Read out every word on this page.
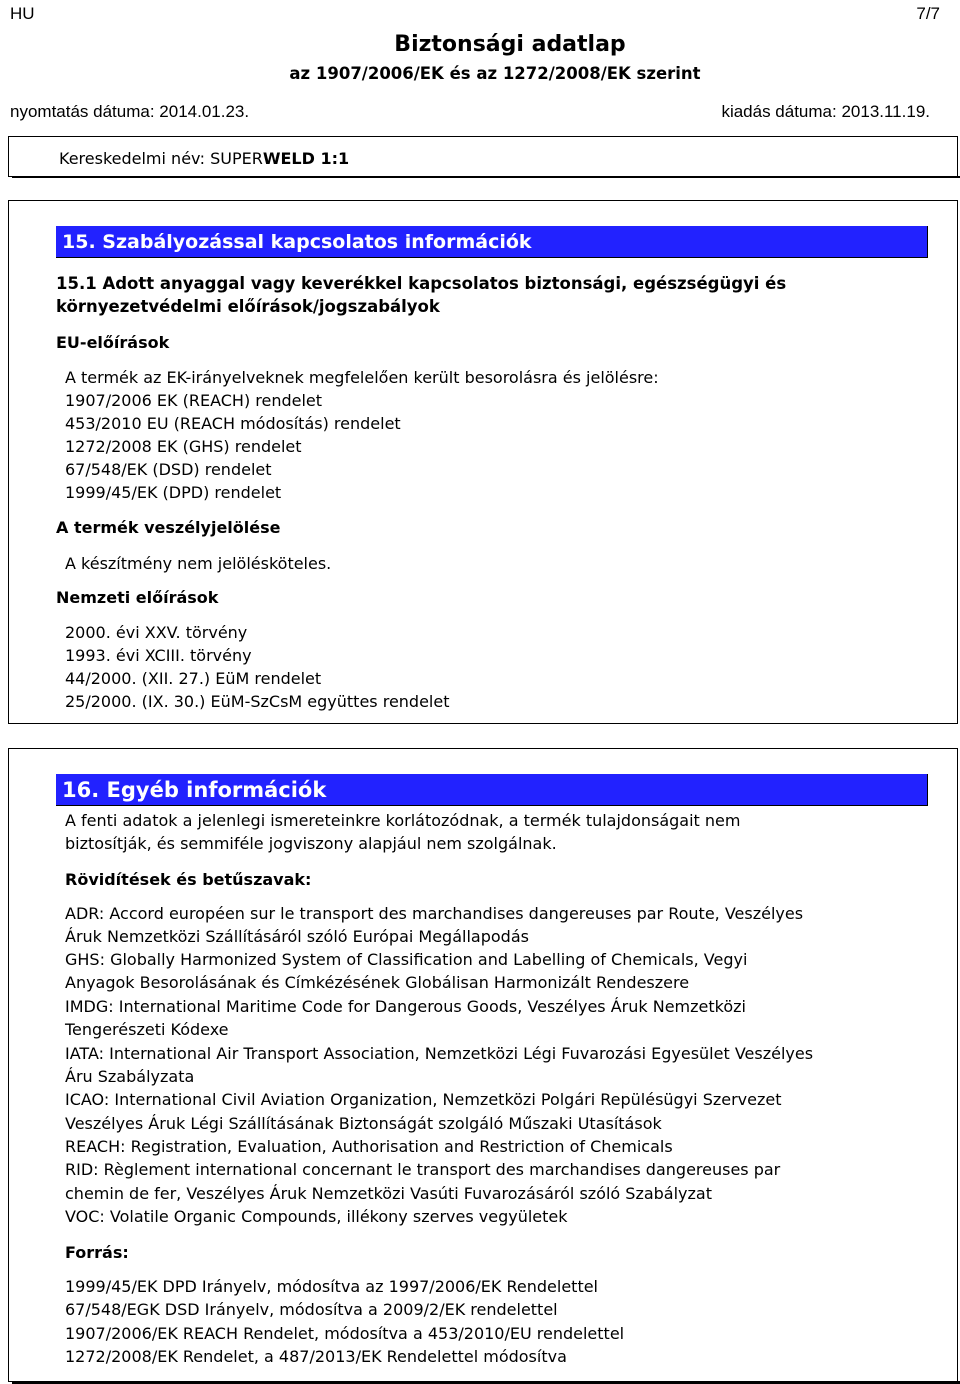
HU	7/7
Biztonsági adatlap
az 1907/2006/EK és az 1272/2008/EK szerint
nyomtatás dátuma: 2014.01.23.	kiadás dátuma: 2013.11.19.
Kereskedelmi név: SUPERWELD 1:1
15. Szabályozással kapcsolatos információk
15.1 Adott anyaggal vagy keverékkel kapcsolatos biztonsági, egészségügyi és
környezetvédelmi előírások/jogszabályok
EU-előírások
A termék az EK-irányelveknek megfelelően került besorolásra és jelölésre:
1907/2006 EK (REACH) rendelet
453/2010 EU (REACH módosítás) rendelet
1272/2008 EK (GHS) rendelet
67/548/EK (DSD) rendelet
1999/45/EK (DPD) rendelet
A termék veszélyjelölése
A készítmény nem jelölésköteles.
Nemzeti előírások
2000. évi XXV. törvény
1993. évi XCIII. törvény
44/2000. (XII. 27.) EüM rendelet
25/2000. (IX. 30.) EüM-SzCsM együttes rendelet
16. Egyéb információk
A fenti adatok a jelenlegi ismereteinkre korlátozódnak, a termék tulajdonságait nem
biztosítják, és semmiféle jogviszony alapjául nem szolgálnak.
Rövidítések és betűszavak:
ADR: Accord européen sur le transport des marchandises dangereuses par Route, Veszélyes
Áruk Nemzetközi Szállításáról szóló Európai Megállapodás
GHS: Globally Harmonized System of Classification and Labelling of Chemicals, Vegyi
Anyagok Besorolásának és Címkézésének Globálisan Harmonizált Rendeszere
IMDG: International Maritime Code for Dangerous Goods, Veszélyes Áruk Nemzetközi
Tengerészeti Kódexe
IATA: International Air Transport Association, Nemzetközi Légi Fuvarozási Egyesület Veszélyes
Áru Szabályzata
ICAO: International Civil Aviation Organization, Nemzetközi Polgári Repülésügyi Szervezet
Veszélyes Áruk Légi Szállításának Biztonságát szolgáló Műszaki Utasítások
REACH: Registration, Evaluation, Authorisation and Restriction of Chemicals
RID: Règlement international concernant le transport des marchandises dangereuses par
chemin de fer, Veszélyes Áruk Nemzetközi Vasúti Fuvarozásáról szóló Szabályzat
VOC: Volatile Organic Compounds, illékony szerves vegyületek
Forrás:
1999/45/EK DPD Irányelv, módosítva az 1997/2006/EK Rendelettel
67/548/EGK DSD Irányelv, módosítva a 2009/2/EK rendelettel
1907/2006/EK REACH Rendelet, módosítva a 453/2010/EU rendelettel
1272/2008/EK Rendelet, a 487/2013/EK Rendelettel módosítva
